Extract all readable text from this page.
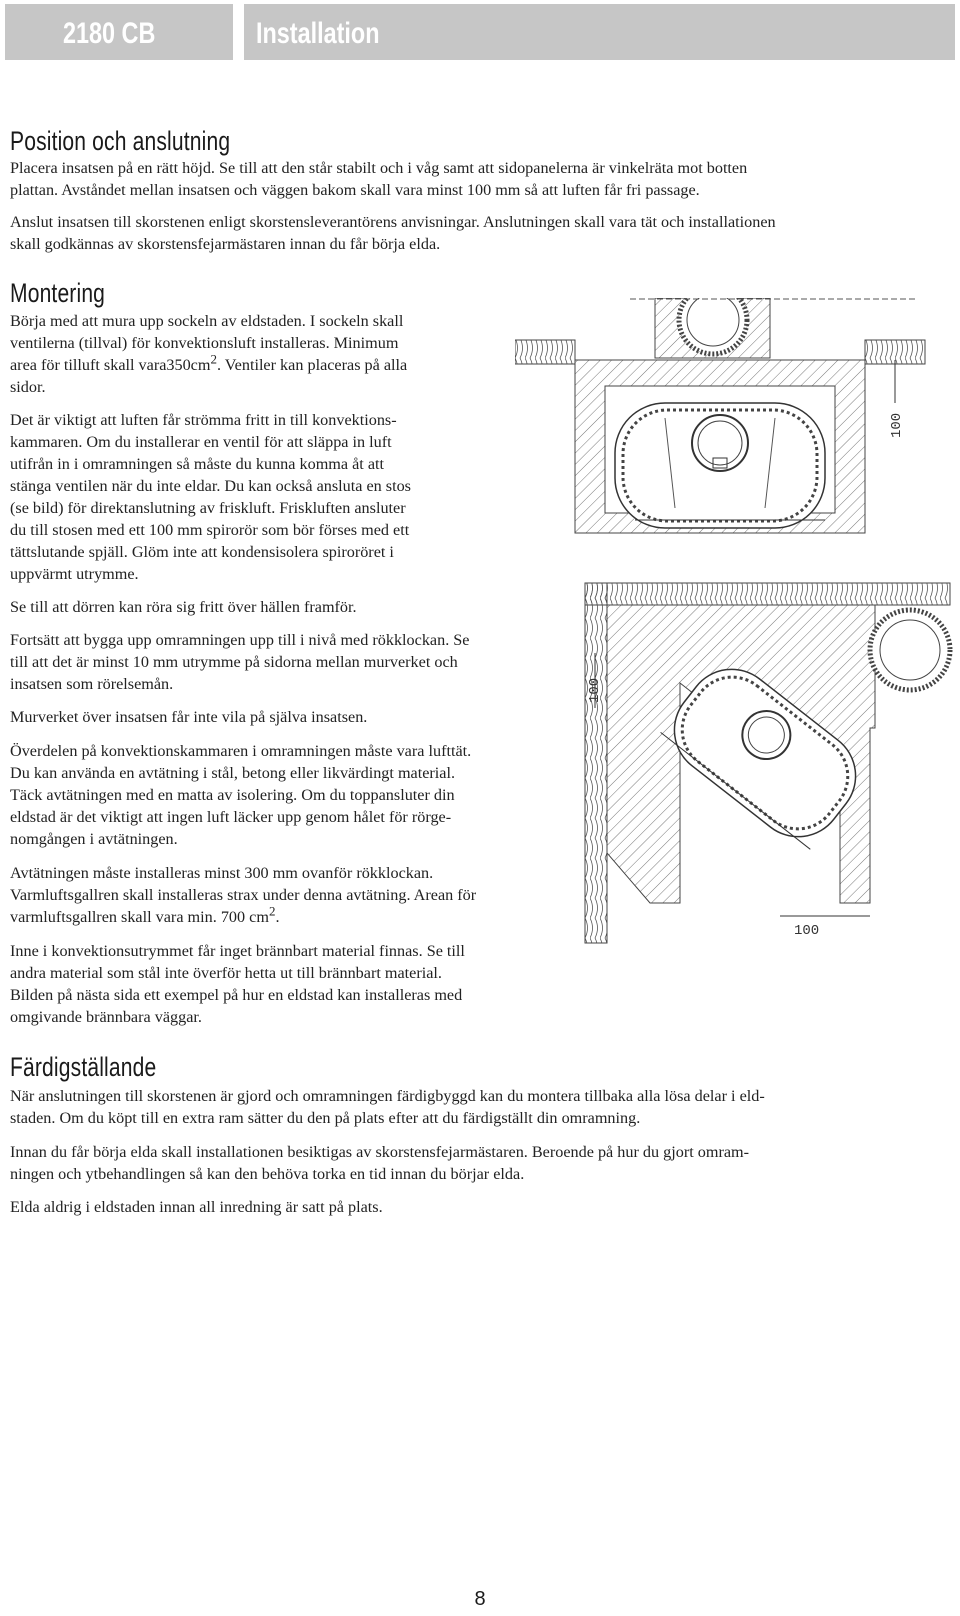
2180 CB	Installation
Position och anslutning

Placera insatsen på en rätt höjd. Se till att den står stabilt och i våg samt att sidopanelerna är vinkelräta mot botten

plattan. Avståndet mellan insatsen och väggen bakom skall vara minst 100 mm så att luften får fri passage.

Anslut insatsen till skorstenen enligt skorstensleverantörens anvisningar. Anslutningen skall vara tät och installationen

skall godkännas av skorstensfejarmästaren innan du får börja elda.

Montering

Börja med att mura upp sockeln av eldstaden. I sockeln skall

ventilerna (tillval) för konvektionsluft installeras. Minimum

area för tilluft skall $vara350cm^2$. Ventiler kan placeras på alla

sidor.

Det är viktigt att luften får strömma fritt in till konvektions-

kammaren. Om du installerar en ventil för att släppa in luft

utifrån in i omramningen så måste du kunna komma åt att

stänga ventilen när du inte eldar. Du kan också ansluta en stos

(se bild) för direktanslutning av friskluft. Friskluften ansluter

du till stosen med ett 100 mm spirorör som bör förses med ett

tättslutande spjäll. Glöm inte att kondensisolera spiroröret i

uppvärmt utrymme.

Se till att dörren kan röra sig fritt över hällen framför.

Fortsätt att bygga upp omramningen upp till i nivå med rökklockan. Se

till att det är minst 10 mm utrymme på sidorna mellan murverket och

insatsen som rörelsemån.

Murverket över insatsen får inte vila på själva insatsen.

Överdelen på konvektionskammaren i omramningen måste vara lufttät.

Du kan använda en avtätning i stål, betong eller likvärdingt material.

Täck avtätningen med en matta av isolering. Om du toppansluter din

eldstad är det viktigt att ingen luft läcker upp genom hålet för rörge-

nomgången i avtätningen.

Avtätningen måste installeras minst 300 mm ovanför rökklockan.

Varmluftsgallren skall installeras strax under denna avtätning. Arean för

varmluftsgallren skall vara min. 700 $cm^2$.

Inne i konvektionsutrymmet får inget brännbart material finnas. Se till

andra material som stål inte överför hetta ut till brännbart material.

Bilden på nästa sida ett exempel på hur en eldstad kan installeras med

omgivande brännbara väggar.

Färdigställande

När anslutningen till skorstenen är gjord och omramningen färdigbyggd kan du montera tillbaka alla lösa delar i eld-

staden. Om du köpt till en extra ram sätter du den på plats efter att du färdigställt din omramning.

Innan du får börja elda skall installationen besiktigas av skorstensfejarmästaren. Beroende på hur du gjort omram-

ningen och ytbehandlingen så kan den behöva torka en tid innan du börjar elda.

Elda aldrig i eldstaden innan all inredning är satt på plats.

100
100
100
8
